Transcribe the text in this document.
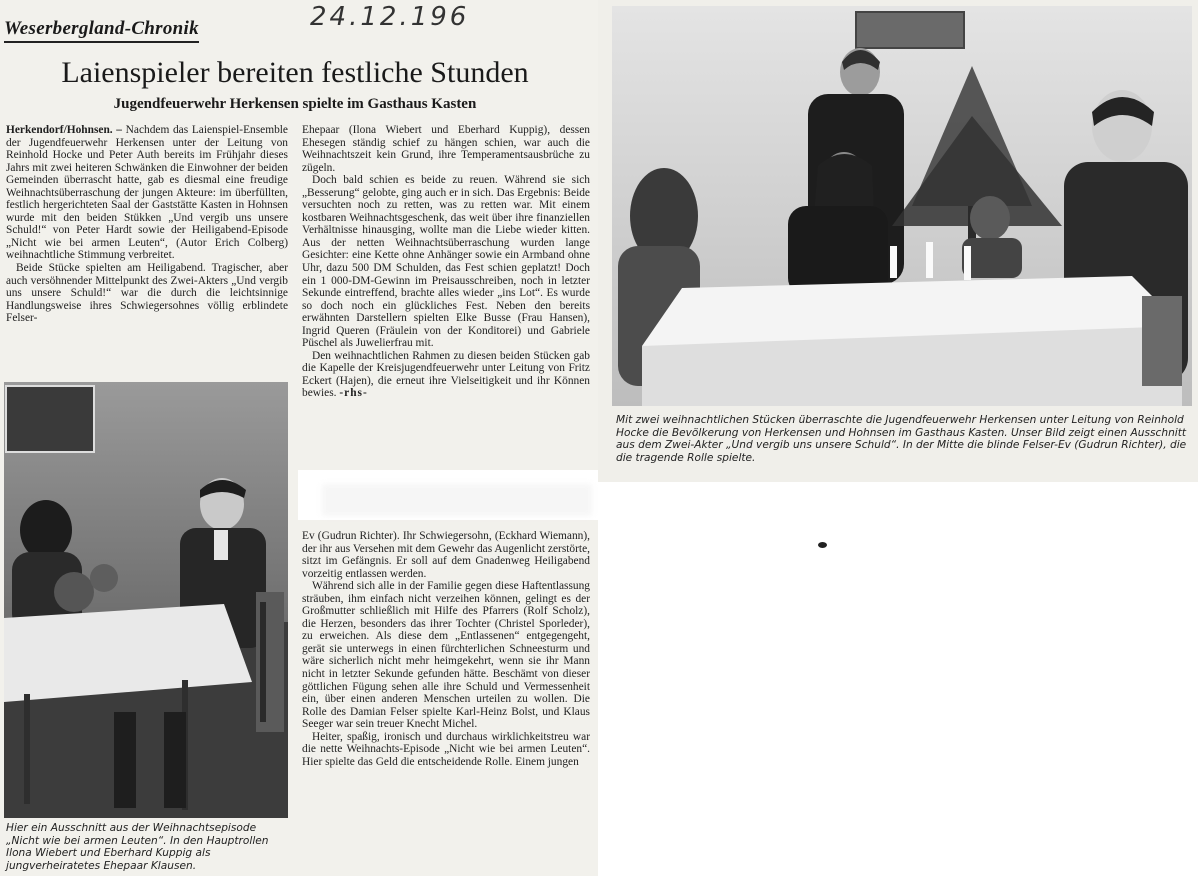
Weserbergland-Chronik	24.12.196
Laienspieler bereiten festliche Stunden
Jugendfeuerwehr Herkensen spielte im Gasthaus Kasten

Herkendorf/Hohnsen. – Nachdem das Laienspiel-Ensemble der Jugendfeuerwehr Herkensen unter der Leitung von Reinhold Hocke und Peter Auth bereits im Frühjahr dieses Jahrs mit zwei heiteren Schwänken die Einwohner der beiden Gemeinden überrascht hatte, gab es diesmal eine freudige Weihnachtsüberraschung der jungen Akteure: im überfüllten, festlich hergerichteten Saal der Gaststätte Kasten in Hohnsen wurde mit den beiden Stükken „Und vergib uns unsere Schuld!“ von Peter Hardt sowie der Heiligabend-Episode „Nicht wie bei armen Leuten“, (Autor Erich Colberg) weihnachtliche Stimmung verbreitet.

Beide Stücke spielten am Heiligabend. Tragischer, aber auch versöhnender Mittelpunkt des Zwei-Akters „Und vergib uns unsere Schuld!“ war die durch die leichtsinnige Handlungsweise ihres Schwiegersohnes völlig erblindete Felser-

Ehepaar (Ilona Wiebert und Eberhard Kuppig), dessen Ehesegen ständig schief zu hängen schien, war auch die Weihnachtszeit kein Grund, ihre Temperamentsausbrüche zu zügeln.

Doch bald schien es beide zu reuen. Während sie sich „Besserung“ gelobte, ging auch er in sich. Das Ergebnis: Beide versuchten noch zu retten, was zu retten war. Mit einem kostbaren Weihnachtsgeschenk, das weit über ihre finanziellen Verhältnisse hinausging, wollte man die Liebe wieder kitten. Aus der netten Weihnachtsüberraschung wurden lange Gesichter: eine Kette ohne Anhänger sowie ein Armband ohne Uhr, dazu 500 DM Schulden, das Fest schien geplatzt! Doch ein 1 000-DM-Gewinn im Preisausschreiben, noch in letzter Sekunde eintreffend, brachte alles wieder „ins Lot“. Es wurde so doch noch ein glückliches Fest. Neben den bereits erwähnten Darstellern spielten Elke Busse (Frau Hansen), Ingrid Queren (Fräulein von der Konditorei) und Gabriele Püschel als Juwelierfrau mit.

Den weihnachtlichen Rahmen zu diesen beiden Stücken gab die Kapelle der Kreisjugendfeuerwehr unter Leitung von Fritz Eckert (Hajen), die erneut ihre Vielseitigkeit und ihr Können bewies. -rhs-

Ev (Gudrun Richter). Ihr Schwiegersohn, (Eckhard Wiemann), der ihr aus Versehen mit dem Gewehr das Augenlicht zerstörte, sitzt im Gefängnis. Er soll auf dem Gnadenweg Heiligabend vorzeitig entlassen werden.

Während sich alle in der Familie gegen diese Haftentlassung sträuben, ihm einfach nicht verzeihen können, gelingt es der Großmutter schließlich mit Hilfe des Pfarrers (Rolf Scholz), die Herzen, besonders das ihrer Tochter (Christel Sporleder), zu erweichen. Als diese dem „Entlassenen“ entgegengeht, gerät sie unterwegs in einen fürchterlichen Schneesturm und wäre sicherlich nicht mehr heimgekehrt, wenn sie ihr Mann nicht in letzter Sekunde gefunden hätte. Beschämt von dieser göttlichen Fügung sehen alle ihre Schuld und Vermessenheit ein, über einen anderen Menschen urteilen zu wollen. Die Rolle des Damian Felser spielte Karl-Heinz Bolst, und Klaus Seeger war sein treuer Knecht Michel.

Heiter, spaßig, ironisch und durchaus wirklichkeitstreu war die nette Weihnachts-Episode „Nicht wie bei armen Leuten“. Hier spielte das Geld die entscheidende Rolle. Einem jungen

Hier ein Ausschnitt aus der Weihnachtsepisode „Nicht wie bei armen Leuten“. In den Hauptrollen Ilona Wiebert und Eberhard Kuppig als jungverheiratetes Ehepaar Klausen.
Mit zwei weihnachtlichen Stücken überraschte die Jugendfeuerwehr Herkensen unter Leitung von Reinhold Hocke die Bevölkerung von Herkensen und Hohnsen im Gasthaus Kasten. Unser Bild zeigt einen Ausschnitt aus dem Zwei-Akter „Und vergib uns unsere Schuld“. In der Mitte die blinde Felser-Ev (Gudrun Richter), die die tragende Rolle spielte.
